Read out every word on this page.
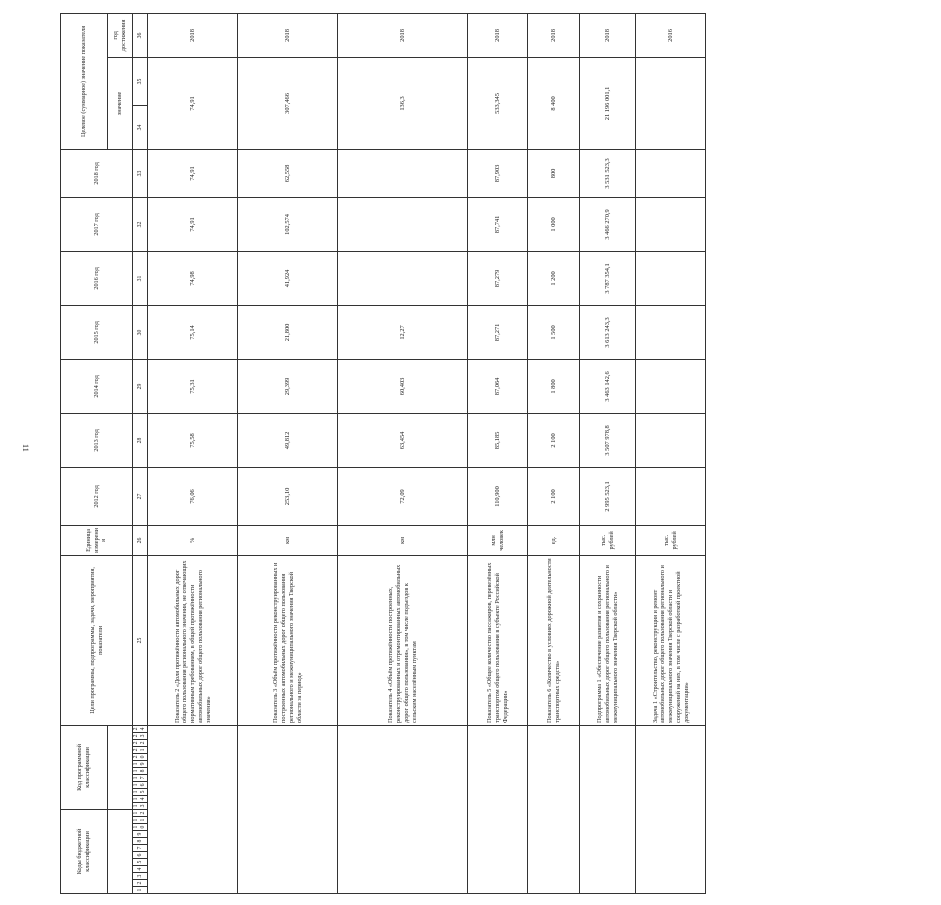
11
Коды бюджетной классификации												Код программной классификации												Цели программы, подпрограммы, задачи, мероприятия, показатели	Единица измерения	2012 год	2013 год	2014 год	2015 год	2016 год	2017 год	2018 год	Целевое (суммарное) значение показателя		
																																	значение		год достижения
1	2	3	4	5	6	7	8	9	10	11	12	13	14	15	16	17	18	19	20	21	22	23	24	25	26	27	28	29	30	31	32	33	34	35	36
																								Показатель 2 «Доля протяжённости автомобильных дорог общего пользования регионального значения, не отвечающих нормативным требованиям, в общей протяжённости автомобильных дорог общего пользования регионального значения»	%	76,06	75,58	75,31	75,14	74,98	74,91	74,91	74,91		2018
																								Показатель 3 «Объём протяжённости реконструированных и построенных автомобильных дорог общего пользования регионального и межмуниципального значения Тверской области за период»	км	253,10	49,812	29,399	21,800	41,924	102,574	62,558	307,466		2018
																								Показатель 4 «Объём протяжённости построенных, реконструированных и отремонтированных автомобильных дорог общего пользования», в том числе подъездов к сельским населённым пунктам	км	72,09	63,454	60,403	12,27				136,3		2018
																								Показатель 5 «Общее количество пассажиров, перевезённых транспортом общего пользования в субъекте Российской Федерации»	млн человек	110,900	85,185	87,064	87,271	87,279	87,741	87,903	533,345		2018
																								Показатель 6 «Количество в условиях дорожной деятельности транспортных средств»	ед.	2 100	2 100	1 800	1 500	1 200	1 000	800	8 400		2018
																								Подпрограмма 1 «Обеспечение развития и сохранности автомобильных дорог общего пользования регионального и межмуниципального значения Тверской области»	тыс. рублей	2 995 523,1	3 507 978,8	3 463 142,6	3 613 243,3	3 787 354,1	3 466 270,9	3 531 523,3	21 196 001,1		2018
																								Задача 1 «Строительство, реконструкция и ремонт автомобильных дорог общего пользования регионального и межмуниципального значения Тверской области и сооружений на них, в том числе с разработкой проектной документации»	тыс. рублей										2016
